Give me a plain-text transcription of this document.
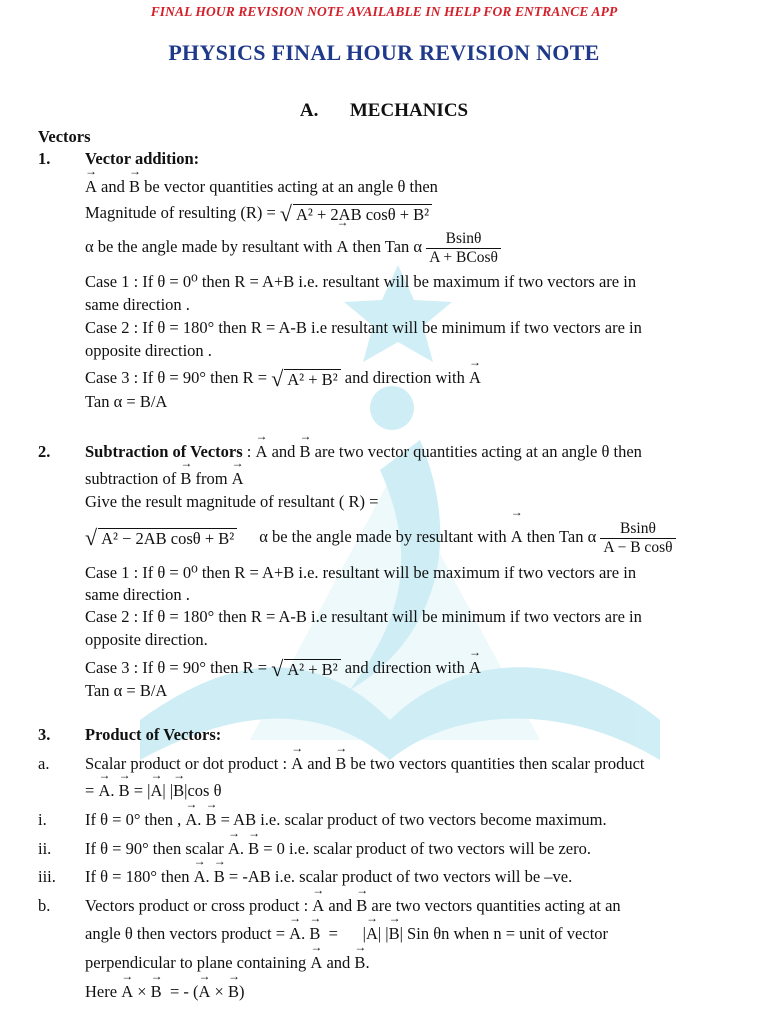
FINAL HOUR REVISION NOTE AVAILABLE IN HELP FOR ENTRANCE APP
PHYSICS FINAL HOUR REVISION NOTE
A. MECHANICS
Vectors
1. Vector addition:
→ A and → B be vector quantities acting at an angle θ then
Magnitude of resulting (R) = √ A² + 2AB cosθ + B²
α be the angle made by resultant with → A then Tan α $\frac{Bsin\theta}{\text{A + BCosθ}}$
Case 1 : If θ = 0⁰ then R = A+B i.e. resultant will be maximum if two vectors are in
same direction .
Case 2 : If θ = 180° then R = A-B i.e resultant will be minimum if two vectors are in
opposite direction .
Case 3 : If θ = 90° then R = √ A² + B² and direction with → A
Tan α = B/A
2. Subtraction of Vectors : → A and → B are two vector quantities acting at an angle θ then
subtraction of → B from → A
Give the result magnitude of resultant ( R) =
√ A² − 2AB cosθ + B² α be the angle made by resultant with → A then Tan α $\frac{Bsin\theta}{\text{A − B cosθ}}$
Case 1 : If θ = 0⁰ then R = A+B i.e. resultant will be maximum if two vectors are in
same direction .
Case 2 : If θ = 180° then R = A-B i.e resultant will be minimum if two vectors are in
opposite direction.
Case 3 : If θ = 90° then R = √ A² + B² and direction with → A
Tan α = B/A
3. Product of Vectors:
a. Scalar product or dot product : → A and → B be two vectors quantities then scalar product
= → A. → B = |→ A| |→ B|cos θ
i. If θ = 0° then , → A. → B = AB i.e. scalar product of two vectors become maximum.
ii. If θ = 90° then scalar → A. → B = 0 i.e. scalar product of two vectors will be zero.
iii. If θ = 180° then → A. → B = -AB i.e. scalar product of two vectors will be –ve.
b. Vectors product or cross product : → A and → B are two vectors quantities acting at an
angle θ then vectors product = → A. → B  =      |→ A| |→ B| Sin θn when n = unit of vector
perpendicular to plane containing → A and → B.
Here → A × → B  = - (→ A × → B)
